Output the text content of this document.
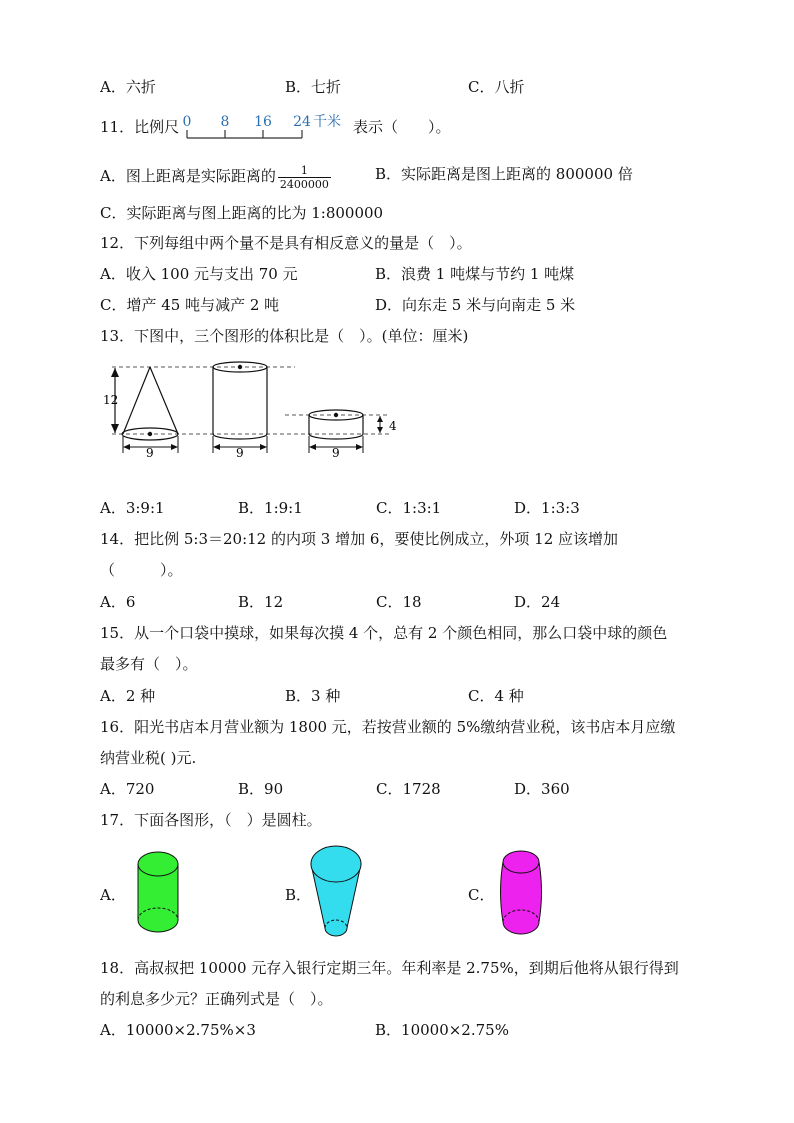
A．六折	B．七折	C．八折
11．比例尺 0 8 16 24 千米 表示（　　）。
A．图上距离是实际距离的 $\frac{1}{2400000}$	B．实际距离是图上距离的 800000 倍
C．实际距离与图上距离的比为 1:800000
12．下列每组中两个量不是具有相反意义的量是（　）。
A．收入 100 元与支出 70 元	B．浪费 1 吨煤与节约 1 吨煤
C．增产 45 吨与减产 2 吨	D．向东走 5 米与向南走 5 米
13．下图中，三个图形的体积比是（　）。(单位：厘米)
12
9	9	9
4
A．3:9:1	B．1:9:1	C．1:3:1	D．1:3:3
14．把比例 5:3＝20:12 的内项 3 增加 6，要使比例成立，外项 12 应该增加
（　　　）。
A．6	B．12	C．18	D．24
15．从一个口袋中摸球，如果每次摸 4 个，总有 2 个颜色相同，那么口袋中球的颜色
最多有（　）。
A．2 种	B．3 种	C．4 种
16．阳光书店本月营业额为 1800 元，若按营业额的 5%缴纳营业税，该书店本月应缴
纳营业税( )元.
A．720	B．90	C．1728	D．360
17．下面各图形，（　）是圆柱。
A．	B．	C．
18．高叔叔把 10000 元存入银行定期三年。年利率是 2.75%，到期后他将从银行得到
的利息多少元？正确列式是（　）。
A．10000×2.75%×3	B．10000×2.75%
